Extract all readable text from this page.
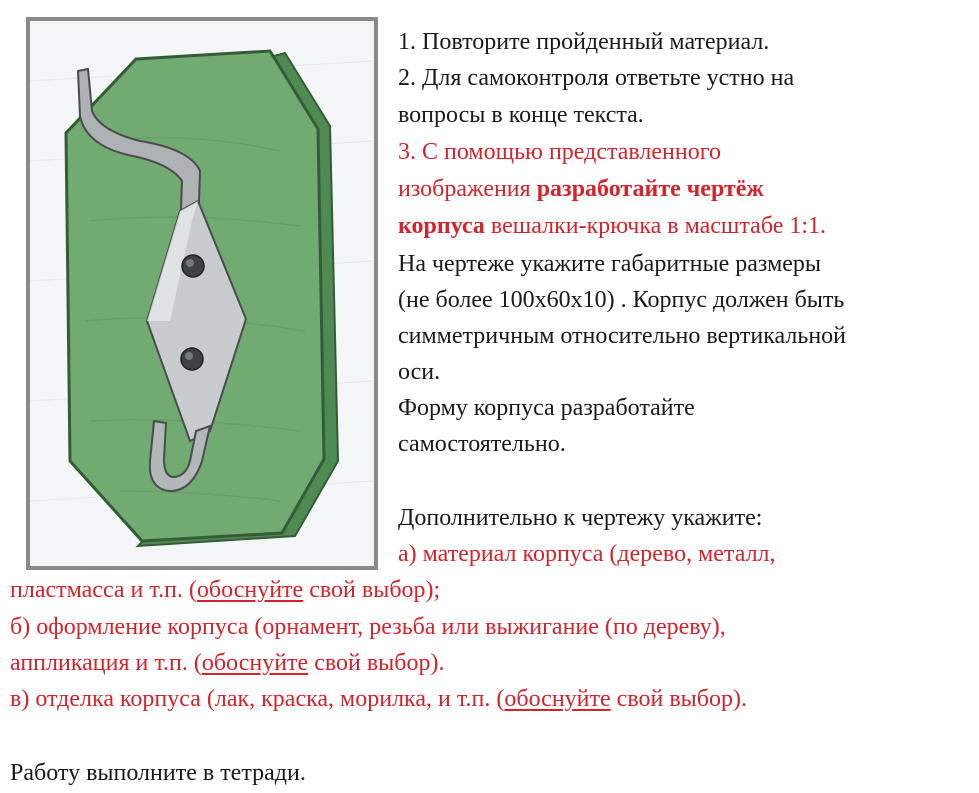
1. Повторите пройденный материал.

2. Для самоконтроля ответьте устно на

вопросы в конце текста.

3. С помощью представленного

изображения разработайте чертёж

корпуса вешалки-крючка в масштабе 1:1.

На чертеже укажите габаритные размеры

(не более 100х60х10) . Корпус должен быть

симметричным относительно вертикальной

оси.

Форму корпуса разработайте

самостоятельно.

Дополнительно к чертежу укажите:

а) материал корпуса (дерево, металл,

пластмасса и т.п. (обоснуйте свой выбор);

б) оформление корпуса (орнамент, резьба или выжигание (по дереву),

аппликация и т.п. (обоснуйте свой выбор).

в) отделка корпуса (лак, краска, морилка, и т.п. (обоснуйте свой выбор).

Работу выполните в тетради.
